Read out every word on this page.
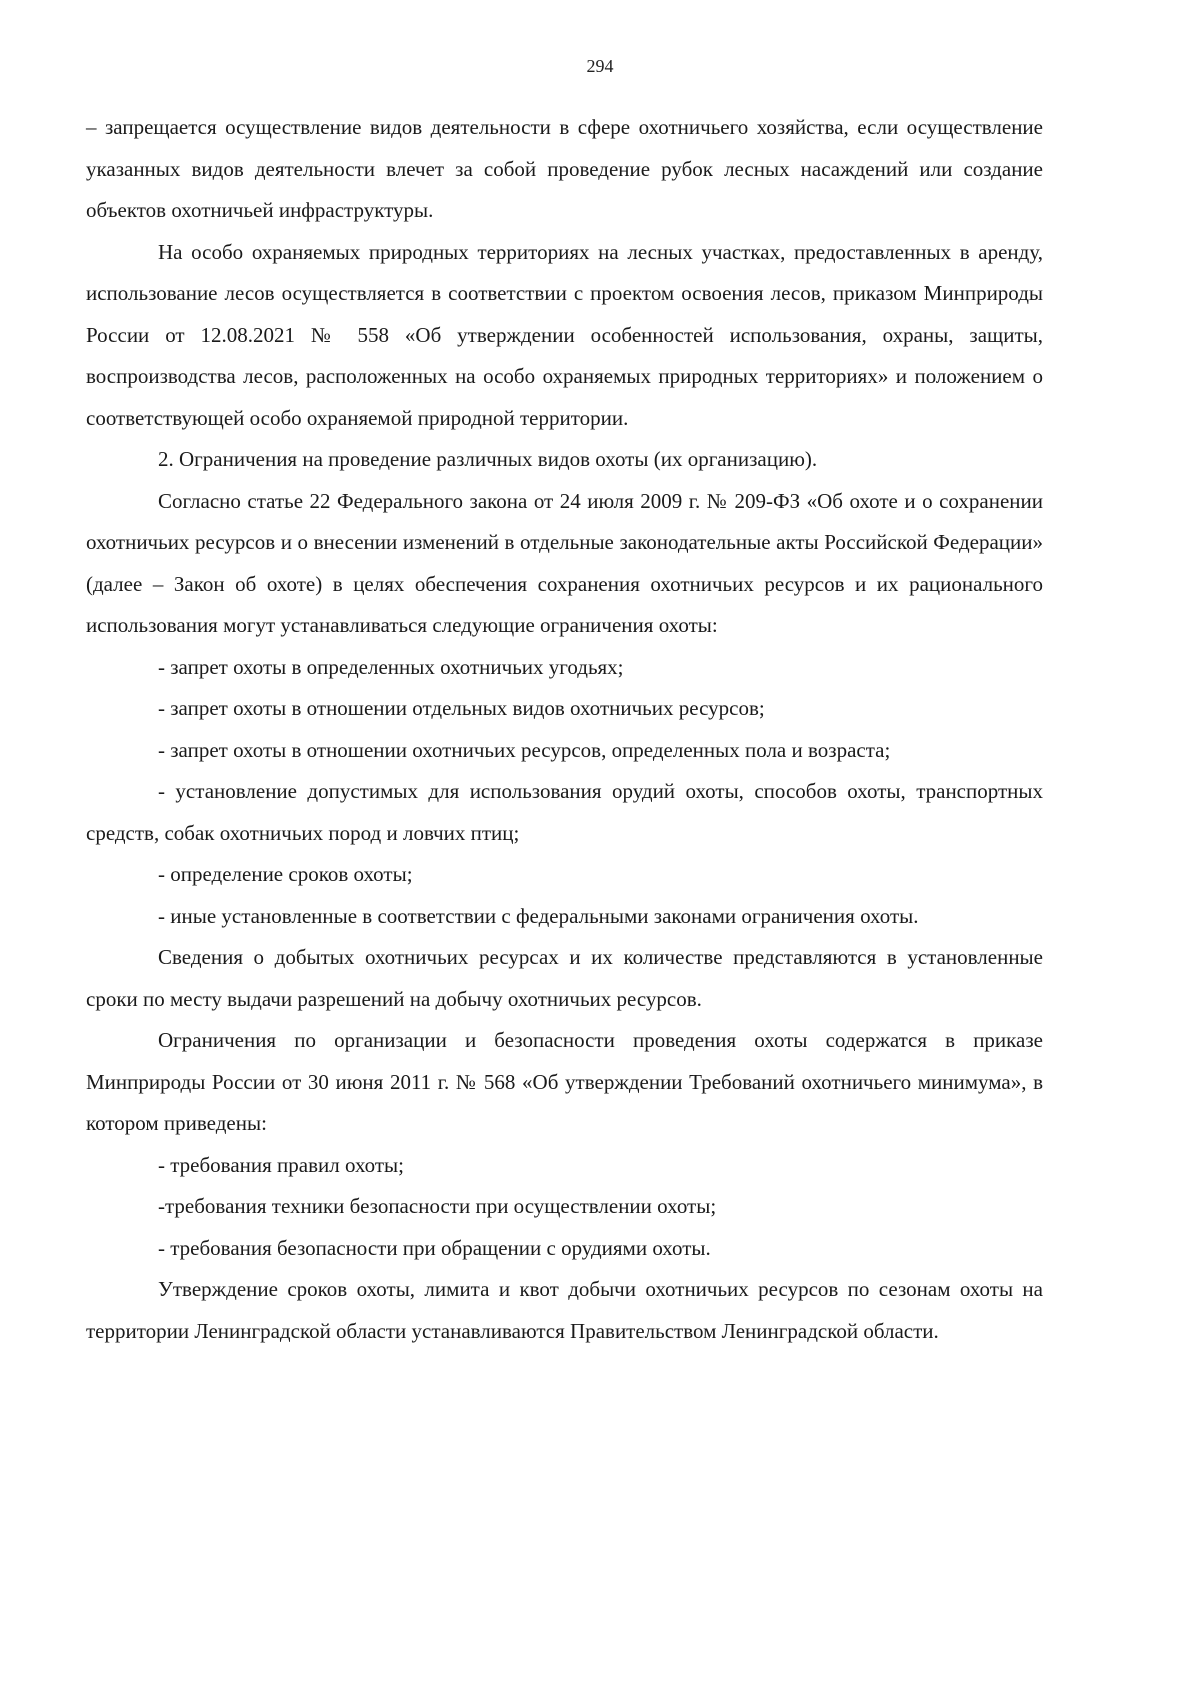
294

– запрещается осуществление видов деятельности в сфере охотничьего хозяйства, если осуществление указанных видов деятельности влечет за собой проведение рубок лесных насаждений или создание объектов охотничьей инфраструктуры.

На особо охраняемых природных территориях на лесных участках, предоставленных в аренду, использование лесов осуществляется в соответствии с проектом освоения лесов, приказом Минприроды России от 12.08.2021 № 558 «Об утверждении особенностей использования, охраны, защиты, воспроизводства лесов, расположенных на особо охраняемых природных территориях» и положением о соответствующей особо охраняемой природной территории.

2. Ограничения на проведение различных видов охоты (их организацию).

Согласно статье 22 Федерального закона от 24 июля 2009 г. № 209-ФЗ «Об охоте и о сохранении охотничьих ресурсов и о внесении изменений в отдельные законодательные акты Российской Федерации» (далее – Закон об охоте) в целях обеспечения сохранения охотничьих ресурсов и их рационального использования могут устанавливаться следующие ограничения охоты:

- запрет охоты в определенных охотничьих угодьях;

- запрет охоты в отношении отдельных видов охотничьих ресурсов;

- запрет охоты в отношении охотничьих ресурсов, определенных пола и возраста;

- установление допустимых для использования орудий охоты, способов охоты, транспортных средств, собак охотничьих пород и ловчих птиц;

- определение сроков охоты;

- иные установленные в соответствии с федеральными законами ограничения охоты.

Сведения о добытых охотничьих ресурсах и их количестве представляются в установленные сроки по месту выдачи разрешений на добычу охотничьих ресурсов.

Ограничения по организации и безопасности проведения охоты содержатся в приказе Минприроды России от 30 июня 2011 г. № 568 «Об утверждении Требований охотничьего минимума», в котором приведены:

- требования правил охоты;

-требования техники безопасности при осуществлении охоты;

- требования безопасности при обращении с орудиями охоты.

Утверждение сроков охоты, лимита и квот добычи охотничьих ресурсов по сезонам охоты на территории Ленинградской области устанавливаются Правительством Ленинградской области.
